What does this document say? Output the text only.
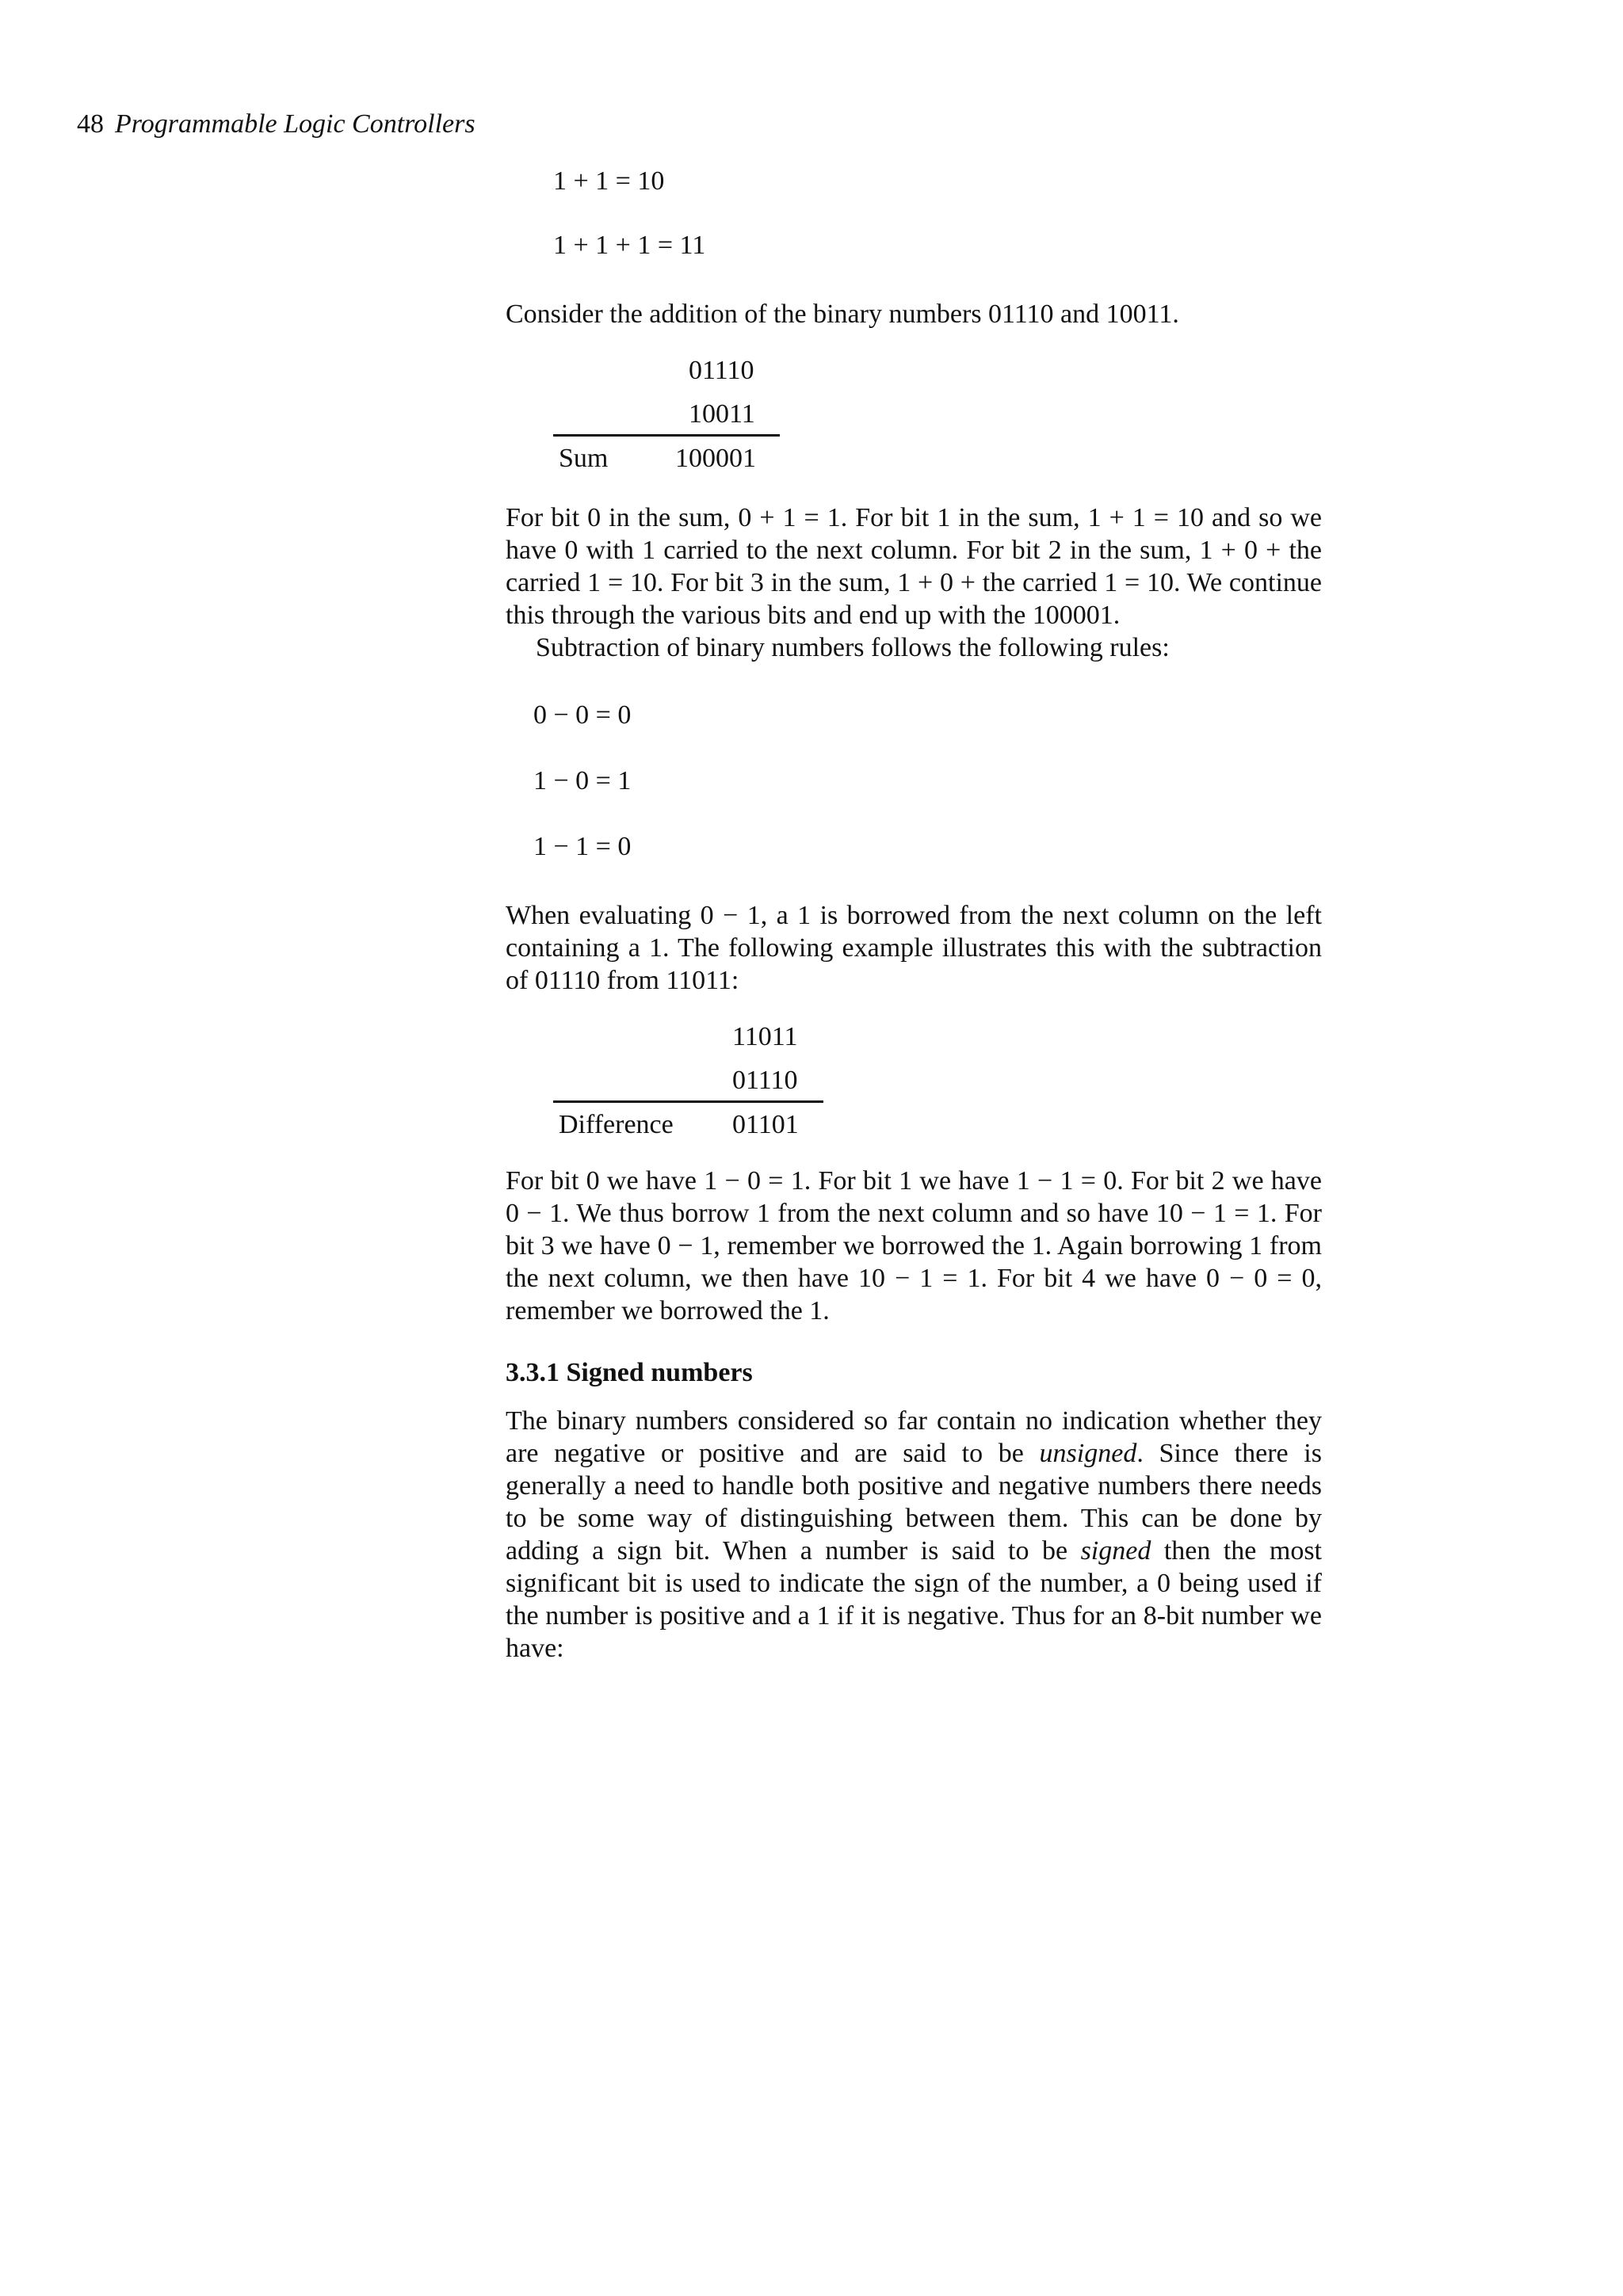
48 Programmable Logic Controllers

1 + 1 = 10

1 + 1 + 1 = 11

Consider the addition of the binary numbers 01110 and 10011.

01110
10011
Sum 100001

For bit 0 in the sum, 0 + 1 = 1. For bit 1 in the sum, 1 + 1 = 10 and so we have 0 with 1 carried to the next column. For bit 2 in the sum, 1 + 0 + the carried 1 = 10. For bit 3 in the sum, 1 + 0 + the carried 1 = 10. We continue this through the various bits and end up with the 100001.

Subtraction of binary numbers follows the following rules:

0 − 0 = 0

1 − 0 = 1

1 − 1 = 0

When evaluating 0 − 1, a 1 is borrowed from the next column on the left containing a 1. The following example illustrates this with the subtraction of 01110 from 11011:

11011
01110
Difference 01101

For bit 0 we have 1 − 0 = 1. For bit 1 we have 1 − 1 = 0. For bit 2 we have 0 − 1. We thus borrow 1 from the next column and so have 10 − 1 = 1. For bit 3 we have 0 − 1, remember we borrowed the 1. Again borrowing 1 from the next column, we then have 10 − 1 = 1. For bit 4 we have 0 − 0 = 0, remember we borrowed the 1.

3.3.1 Signed numbers

The binary numbers considered so far contain no indication whether they are negative or positive and are said to be unsigned. Since there is generally a need to handle both positive and negative numbers there needs to be some way of distinguishing between them. This can be done by adding a sign bit. When a number is said to be signed then the most significant bit is used to indicate the sign of the number, a 0 being used if the number is positive and a 1 if it is negative. Thus for an 8-bit number we have:
